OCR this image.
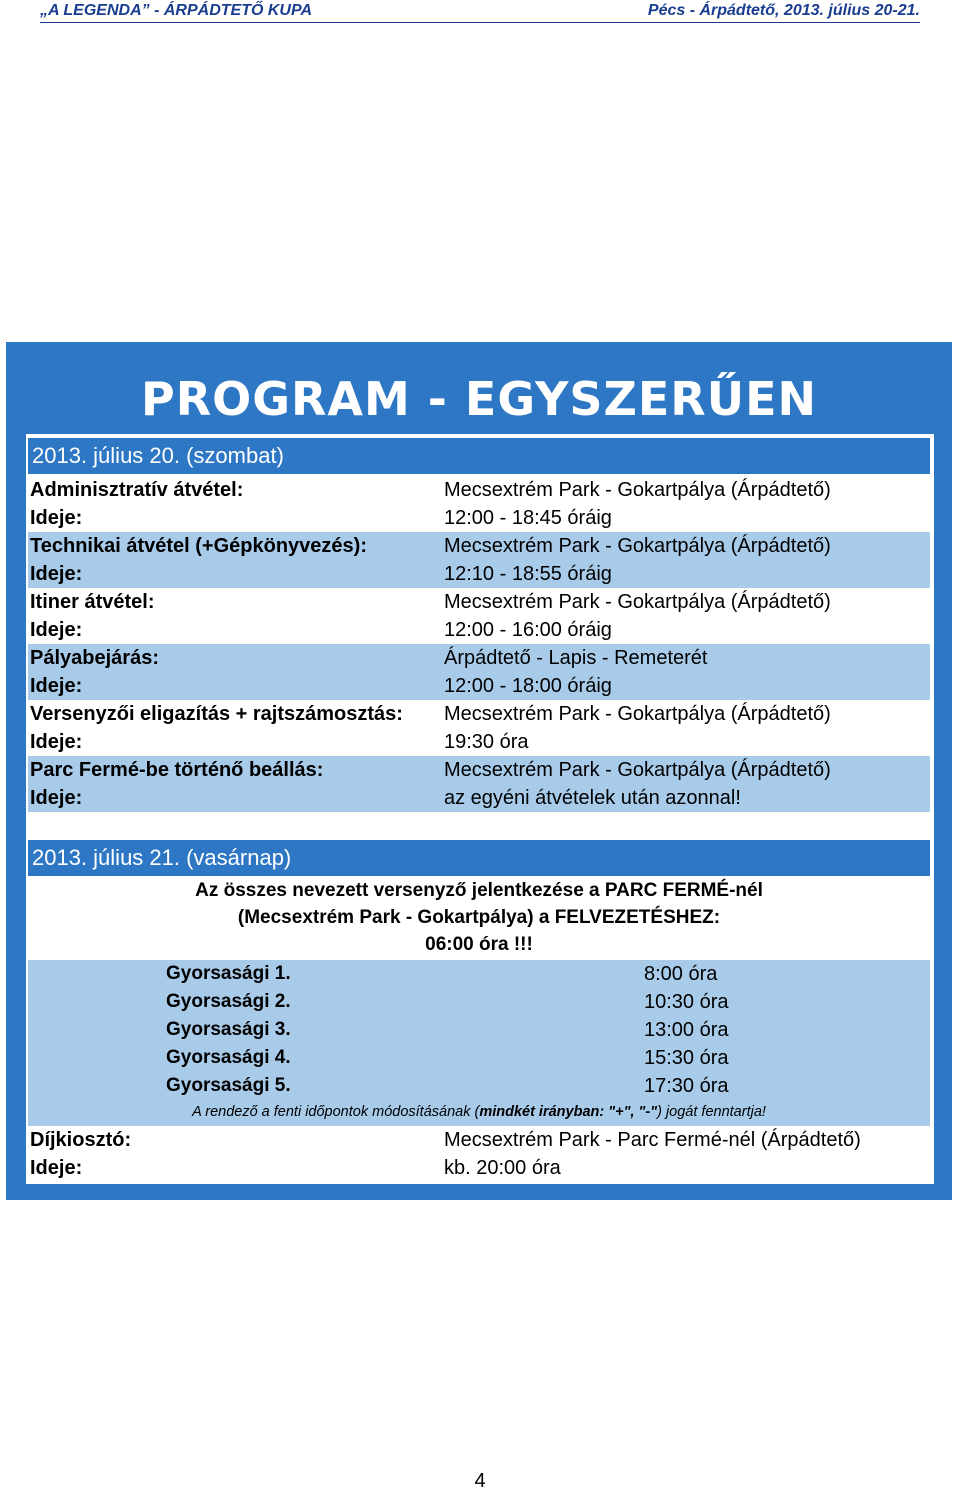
„A LEGENDA” - ÁRPÁDTETŐ KUPA	Pécs - Árpádtető, 2013. július 20-21.
PROGRAM - EGYSZERŰEN
2013. július 20. (szombat)
Adminisztratív átvétel:	Mecsextrém Park - Gokartpálya (Árpádtető)
Ideje:	12:00 - 18:45 óráig
Technikai átvétel (+Gépkönyvezés):	Mecsextrém Park - Gokartpálya (Árpádtető)
Ideje:	12:10 - 18:55 óráig
Itiner átvétel:	Mecsextrém Park - Gokartpálya (Árpádtető)
Ideje:	12:00 - 16:00 óráig
Pályabejárás:	Árpádtető - Lapis - Remeterét
Ideje:	12:00 - 18:00 óráig
Versenyzői eligazítás + rajtszámosztás: Mecsextrém Park - Gokartpálya (Árpádtető)
Ideje:	19:30 óra
Parc Fermé-be történő beállás:	Mecsextrém Park - Gokartpálya (Árpádtető)
Ideje:	az egyéni átvételek után azonnal!
2013. július 21. (vasárnap)
Az összes nevezett versenyző jelentkezése a PARC FERMÉ-nél
(Mecsextrém Park - Gokartpálya) a FELVEZETÉSHEZ:
06:00 óra !!!
Gyorsasági 1.	8:00 óra
Gyorsasági 2.	10:30 óra
Gyorsasági 3.	13:00 óra
Gyorsasági 4.	15:30 óra
Gyorsasági 5.	17:30 óra
A rendező a fenti időpontok módosításának (mindkét irányban: "+", "-") jogát fenntartja!
Díjkiosztó:	Mecsextrém Park - Parc Fermé-nél (Árpádtető)
Ideje:	kb. 20:00 óra
4
